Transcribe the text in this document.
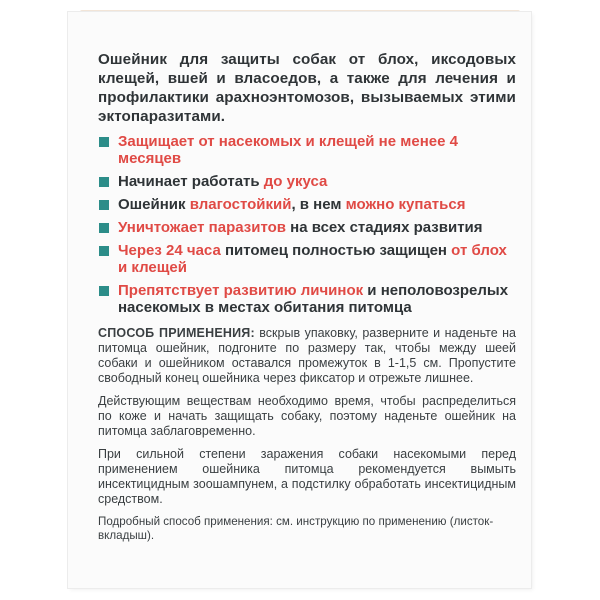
Ошейник для защиты собак от блох, иксодовых клещей, вшей и власоедов, а также для лечения и профилактики арахноэнтомозов, вызываемых этими эктопаразитами.

Защищает от насекомых и клещей не менее 4 месяцев
Начинает работать до укуса
Ошейник влагостойкий, в нем можно купаться
Уничтожает паразитов на всех стадиях развития
Через 24 часа питомец полностью защищен от блох и клещей
Препятствует развитию личинок и неполовозрелых насекомых в местах обитания питомца

СПОСОБ ПРИМЕНЕНИЯ: вскрыв упаковку, разверните и наденьте на питомца ошейник, подгоните по размеру так, чтобы между шеей собаки и ошейником оставался промежуток в 1-1,5 см. Пропустите свободный конец ошейника через фиксатор и отрежьте лишнее.

Действующим веществам необходимо время, чтобы распределиться по коже и начать защищать собаку, поэтому наденьте ошейник на питомца заблаговременно.

При сильной степени заражения собаки насекомыми перед применением ошейника питомца рекомендуется вымыть инсектицидным зоошампунем, а подстилку обработать инсектицидным средством.

Подробный способ применения: см. инструкцию по применению (листок-вкладыш).
